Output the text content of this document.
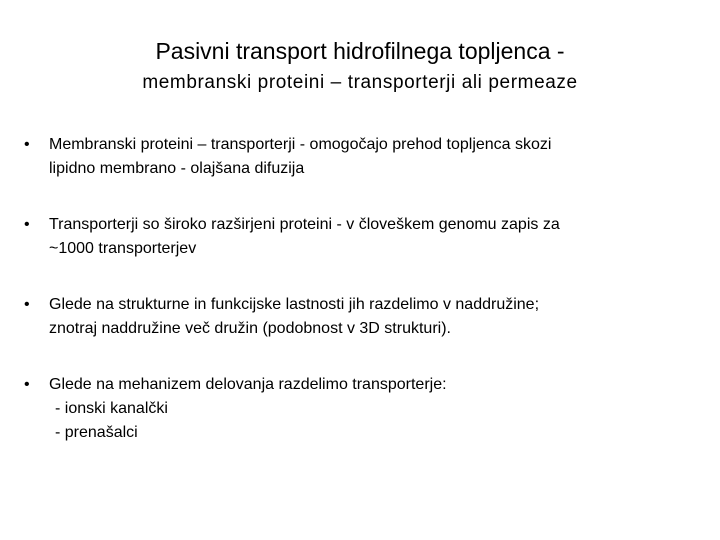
Pasivni transport hidrofilnega topljenca -

membranski proteini – transporterji ali permeaze

• Membranski proteini – transporterji - omogočajo prehod topljenca skozi
lipidno membrano - olajšana difuzija
• Transporterji so široko razširjeni proteini - v človeškem genomu zapis za
~1000 transporterjev
• Glede na strukturne in funkcijske lastnosti jih razdelimo v naddružine;
znotraj naddružine več družin (podobnost v 3D strukturi).
• Glede na mehanizem delovanja razdelimo transporterje:
- ionski kanalčki
- prenašalci
